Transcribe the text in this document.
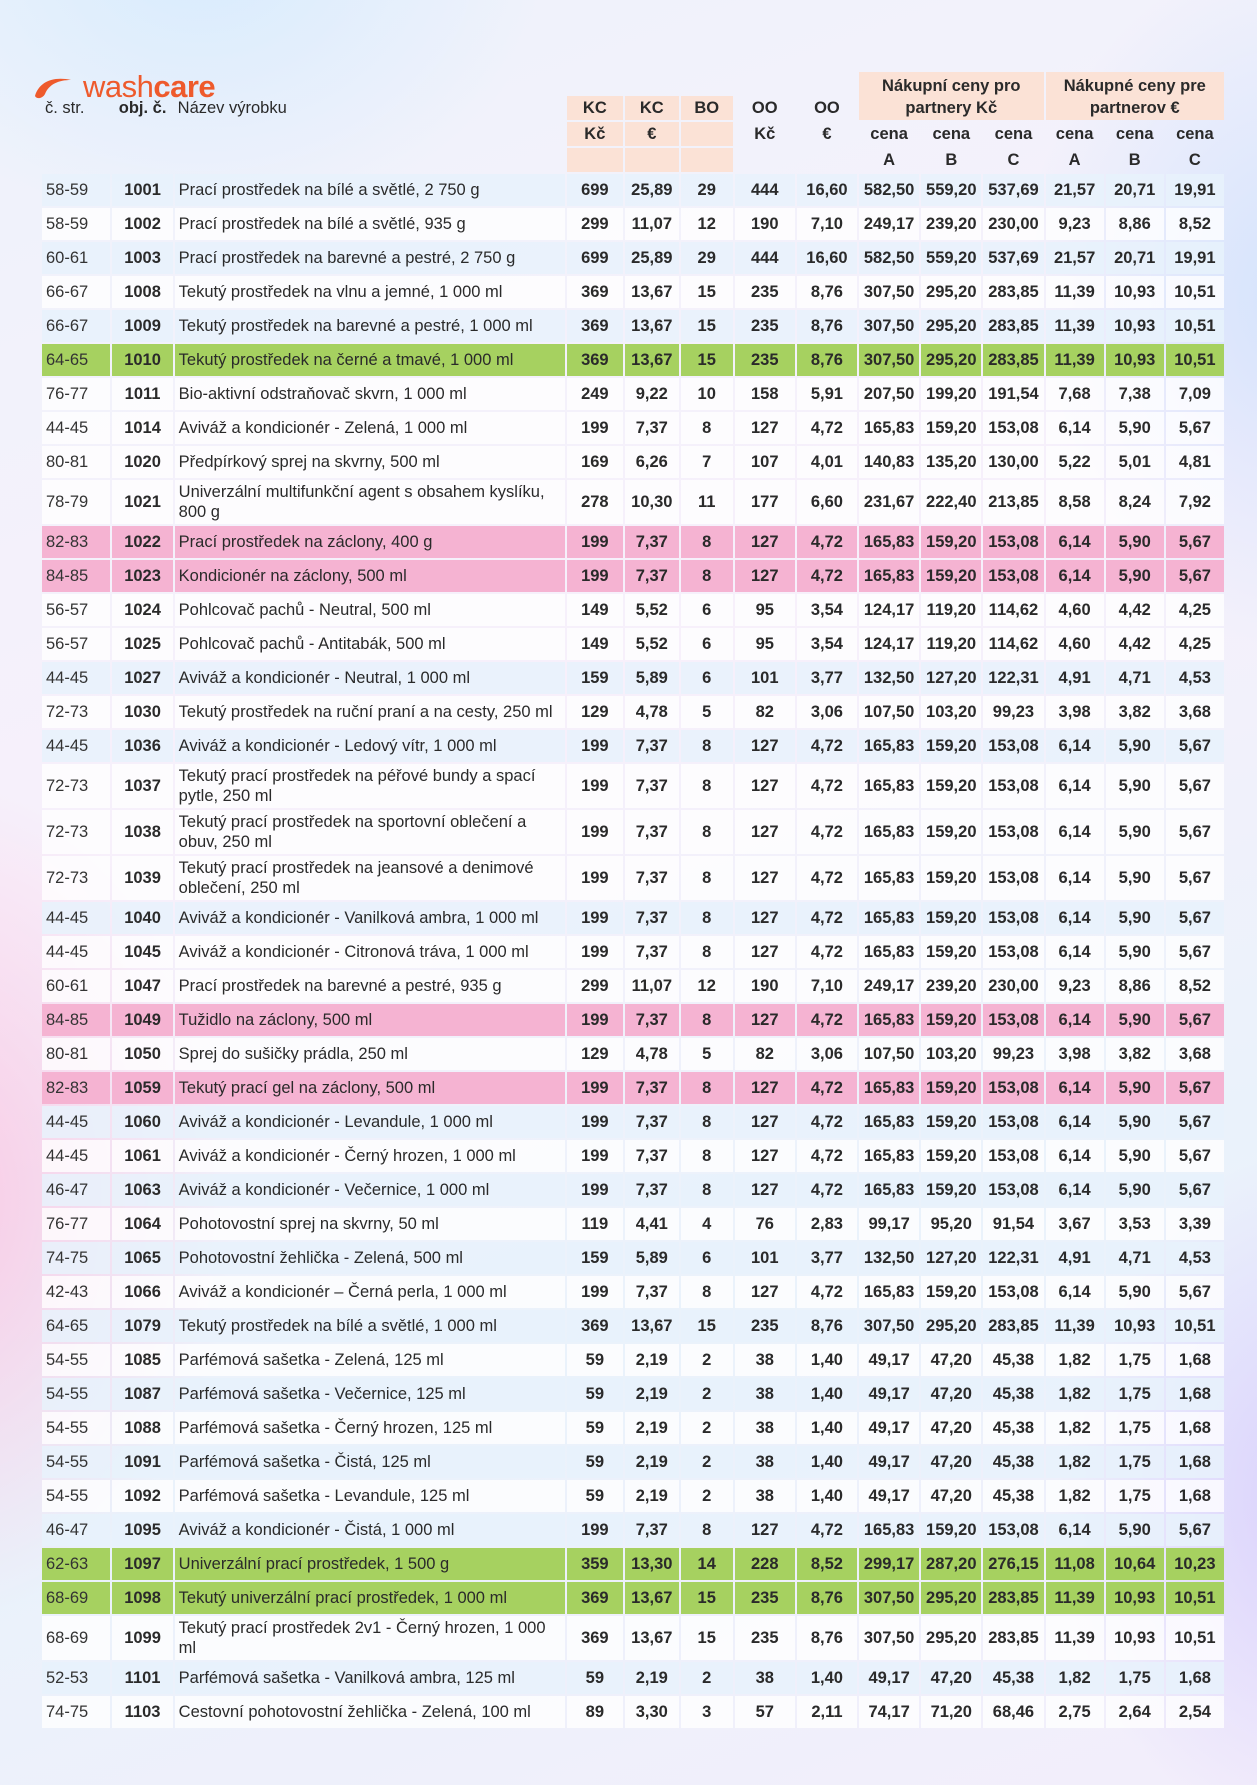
washcare
								Nákupní ceny pro partnery Kč			Nákupné ceny pre partnerov €		
č. str.	obj. č.	Název výrobku	KC	KC	BO	OO	OO						
			Kč	€		Kč	€	cena	cena	cena	cena	cena	cena
								A	B	C	A	B	C
58-59	1001	Prací prostředek na bílé a světlé, 2 750 g	699	25,89	29	444	16,60	582,50	559,20	537,69	21,57	20,71	19,91
58-59	1002	Prací prostředek na bílé a světlé, 935 g	299	11,07	12	190	7,10	249,17	239,20	230,00	9,23	8,86	8,52
60-61	1003	Prací prostředek na barevné a pestré, 2 750 g	699	25,89	29	444	16,60	582,50	559,20	537,69	21,57	20,71	19,91
66-67	1008	Tekutý prostředek na vlnu a jemné, 1 000 ml	369	13,67	15	235	8,76	307,50	295,20	283,85	11,39	10,93	10,51
66-67	1009	Tekutý prostředek na barevné a pestré, 1 000 ml	369	13,67	15	235	8,76	307,50	295,20	283,85	11,39	10,93	10,51
64-65	1010	Tekutý prostředek na černé a tmavé, 1 000 ml	369	13,67	15	235	8,76	307,50	295,20	283,85	11,39	10,93	10,51
76-77	1011	Bio-aktivní odstraňovač skvrn, 1 000 ml	249	9,22	10	158	5,91	207,50	199,20	191,54	7,68	7,38	7,09
44-45	1014	Aviváž a kondicionér - Zelená, 1 000 ml	199	7,37	8	127	4,72	165,83	159,20	153,08	6,14	5,90	5,67
80-81	1020	Předpírkový sprej na skvrny, 500 ml	169	6,26	7	107	4,01	140,83	135,20	130,00	5,22	5,01	4,81
78-79	1021	Univerzální multifunkční agent s obsahem kyslíku, 800 g	278	10,30	11	177	6,60	231,67	222,40	213,85	8,58	8,24	7,92
82-83	1022	Prací prostředek na záclony, 400 g	199	7,37	8	127	4,72	165,83	159,20	153,08	6,14	5,90	5,67
84-85	1023	Kondicionér na záclony, 500 ml	199	7,37	8	127	4,72	165,83	159,20	153,08	6,14	5,90	5,67
56-57	1024	Pohlcovač pachů - Neutral, 500 ml	149	5,52	6	95	3,54	124,17	119,20	114,62	4,60	4,42	4,25
56-57	1025	Pohlcovač pachů - Antitabák, 500 ml	149	5,52	6	95	3,54	124,17	119,20	114,62	4,60	4,42	4,25
44-45	1027	Aviváž a kondicionér - Neutral, 1 000 ml	159	5,89	6	101	3,77	132,50	127,20	122,31	4,91	4,71	4,53
72-73	1030	Tekutý prostředek na ruční praní a na cesty, 250 ml	129	4,78	5	82	3,06	107,50	103,20	99,23	3,98	3,82	3,68
44-45	1036	Aviváž a kondicionér - Ledový vítr, 1 000 ml	199	7,37	8	127	4,72	165,83	159,20	153,08	6,14	5,90	5,67
72-73	1037	Tekutý prací prostředek na péřové bundy a spací pytle, 250 ml	199	7,37	8	127	4,72	165,83	159,20	153,08	6,14	5,90	5,67
72-73	1038	Tekutý prací prostředek na sportovní oblečení a obuv, 250 ml	199	7,37	8	127	4,72	165,83	159,20	153,08	6,14	5,90	5,67
72-73	1039	Tekutý prací prostředek na jeansové a denimové oblečení, 250 ml	199	7,37	8	127	4,72	165,83	159,20	153,08	6,14	5,90	5,67
44-45	1040	Aviváž a kondicionér - Vanilková ambra, 1 000 ml	199	7,37	8	127	4,72	165,83	159,20	153,08	6,14	5,90	5,67
44-45	1045	Aviváž a kondicionér - Citronová tráva, 1 000 ml	199	7,37	8	127	4,72	165,83	159,20	153,08	6,14	5,90	5,67
60-61	1047	Prací prostředek na barevné a pestré, 935 g	299	11,07	12	190	7,10	249,17	239,20	230,00	9,23	8,86	8,52
84-85	1049	Tužidlo na záclony, 500 ml	199	7,37	8	127	4,72	165,83	159,20	153,08	6,14	5,90	5,67
80-81	1050	Sprej do sušičky prádla, 250 ml	129	4,78	5	82	3,06	107,50	103,20	99,23	3,98	3,82	3,68
82-83	1059	Tekutý prací gel na záclony, 500 ml	199	7,37	8	127	4,72	165,83	159,20	153,08	6,14	5,90	5,67
44-45	1060	Aviváž a kondicionér - Levandule, 1 000 ml	199	7,37	8	127	4,72	165,83	159,20	153,08	6,14	5,90	5,67
44-45	1061	Aviváž a kondicionér - Černý hrozen, 1 000 ml	199	7,37	8	127	4,72	165,83	159,20	153,08	6,14	5,90	5,67
46-47	1063	Aviváž a kondicionér - Večernice, 1 000 ml	199	7,37	8	127	4,72	165,83	159,20	153,08	6,14	5,90	5,67
76-77	1064	Pohotovostní sprej na skvrny, 50 ml	119	4,41	4	76	2,83	99,17	95,20	91,54	3,67	3,53	3,39
74-75	1065	Pohotovostní žehlička - Zelená, 500 ml	159	5,89	6	101	3,77	132,50	127,20	122,31	4,91	4,71	4,53
42-43	1066	Aviváž a kondicionér – Černá perla, 1 000 ml	199	7,37	8	127	4,72	165,83	159,20	153,08	6,14	5,90	5,67
64-65	1079	Tekutý prostředek na bílé a světlé, 1 000 ml	369	13,67	15	235	8,76	307,50	295,20	283,85	11,39	10,93	10,51
54-55	1085	Parfémová sašetka - Zelená, 125 ml	59	2,19	2	38	1,40	49,17	47,20	45,38	1,82	1,75	1,68
54-55	1087	Parfémová sašetka - Večernice, 125 ml	59	2,19	2	38	1,40	49,17	47,20	45,38	1,82	1,75	1,68
54-55	1088	Parfémová sašetka - Černý hrozen, 125 ml	59	2,19	2	38	1,40	49,17	47,20	45,38	1,82	1,75	1,68
54-55	1091	Parfémová sašetka - Čistá, 125 ml	59	2,19	2	38	1,40	49,17	47,20	45,38	1,82	1,75	1,68
54-55	1092	Parfémová sašetka - Levandule, 125 ml	59	2,19	2	38	1,40	49,17	47,20	45,38	1,82	1,75	1,68
46-47	1095	Aviváž a kondicionér - Čistá, 1 000 ml	199	7,37	8	127	4,72	165,83	159,20	153,08	6,14	5,90	5,67
62-63	1097	Univerzální prací prostředek, 1 500 g	359	13,30	14	228	8,52	299,17	287,20	276,15	11,08	10,64	10,23
68-69	1098	Tekutý univerzální prací prostředek, 1 000 ml	369	13,67	15	235	8,76	307,50	295,20	283,85	11,39	10,93	10,51
68-69	1099	Tekutý prací prostředek 2v1 - Černý hrozen, 1 000 ml	369	13,67	15	235	8,76	307,50	295,20	283,85	11,39	10,93	10,51
52-53	1101	Parfémová sašetka - Vanilková ambra, 125 ml	59	2,19	2	38	1,40	49,17	47,20	45,38	1,82	1,75	1,68
74-75	1103	Cestovní pohotovostní žehlička - Zelená, 100 ml	89	3,30	3	57	2,11	74,17	71,20	68,46	2,75	2,64	2,54
